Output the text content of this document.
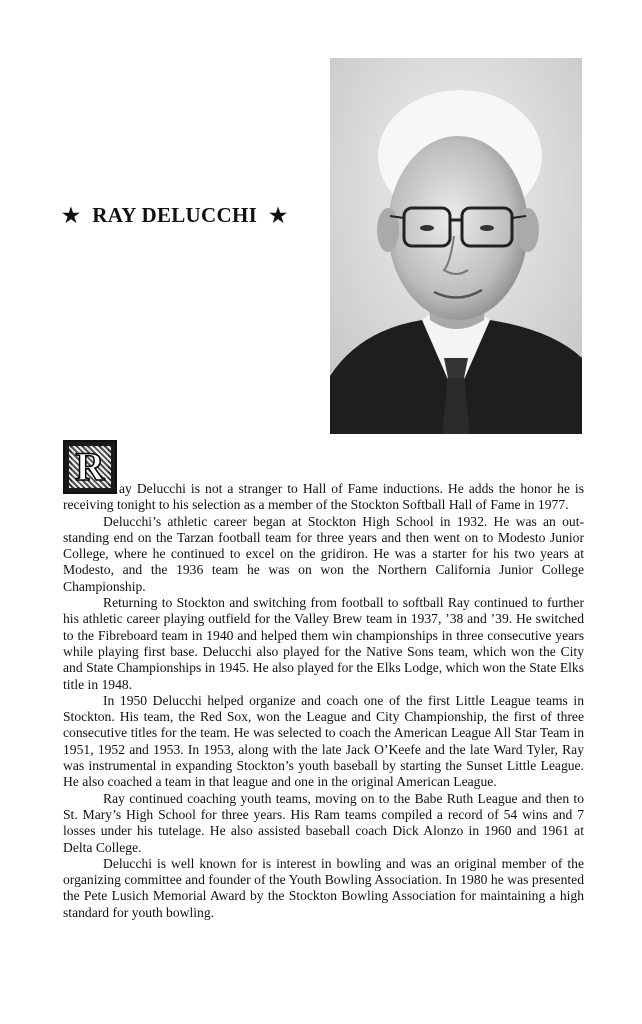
★ RAY DELUCCHI ★
R	ay Delucchi is not a stranger to Hall of Fame inductions. He adds the honor he is receiving tonight to his selection as a member of the Stockton Softball Hall of Fame in 1977.

Delucchi’s athletic career began at Stockton High School in 1932. He was an out-standing end on the Tarzan football team for three years and then went on to Modesto Junior College, where he continued to excel on the gridiron. He was a starter for his two years at Modesto, and the 1936 team he was on won the Northern California Junior College Championship.

Returning to Stockton and switching from football to softball Ray continued to further his athletic career playing outfield for the Valley Brew team in 1937, ’38 and ’39. He switched to the Fibreboard team in 1940 and helped them win championships in three consecutive years while playing first base. Delucchi also played for the Native Sons team, which won the City and State Championships in 1945. He also played for the Elks Lodge, which won the State Elks title in 1948.

In 1950 Delucchi helped organize and coach one of the first Little League teams in Stockton. His team, the Red Sox, won the League and City Championship, the first of three consecutive titles for the team. He was selected to coach the American League All Star Team in 1951, 1952 and 1953. In 1953, along with the late Jack O’Keefe and the late Ward Tyler, Ray was instrumental in expanding Stockton’s youth baseball by starting the Sunset Little League. He also coached a team in that league and one in the original American League.

Ray continued coaching youth teams, moving on to the Babe Ruth League and then to St. Mary’s High School for three years. His Ram teams compiled a record of 54 wins and 7 losses under his tutelage. He also assisted baseball coach Dick Alonzo in 1960 and 1961 at Delta College.

Delucchi is well known for is interest in bowling and was an original member of the organizing committee and founder of the Youth Bowling Association. In 1980 he was presented the Pete Lusich Memorial Award by the Stockton Bowling Association for maintaining a high standard for youth bowling.
